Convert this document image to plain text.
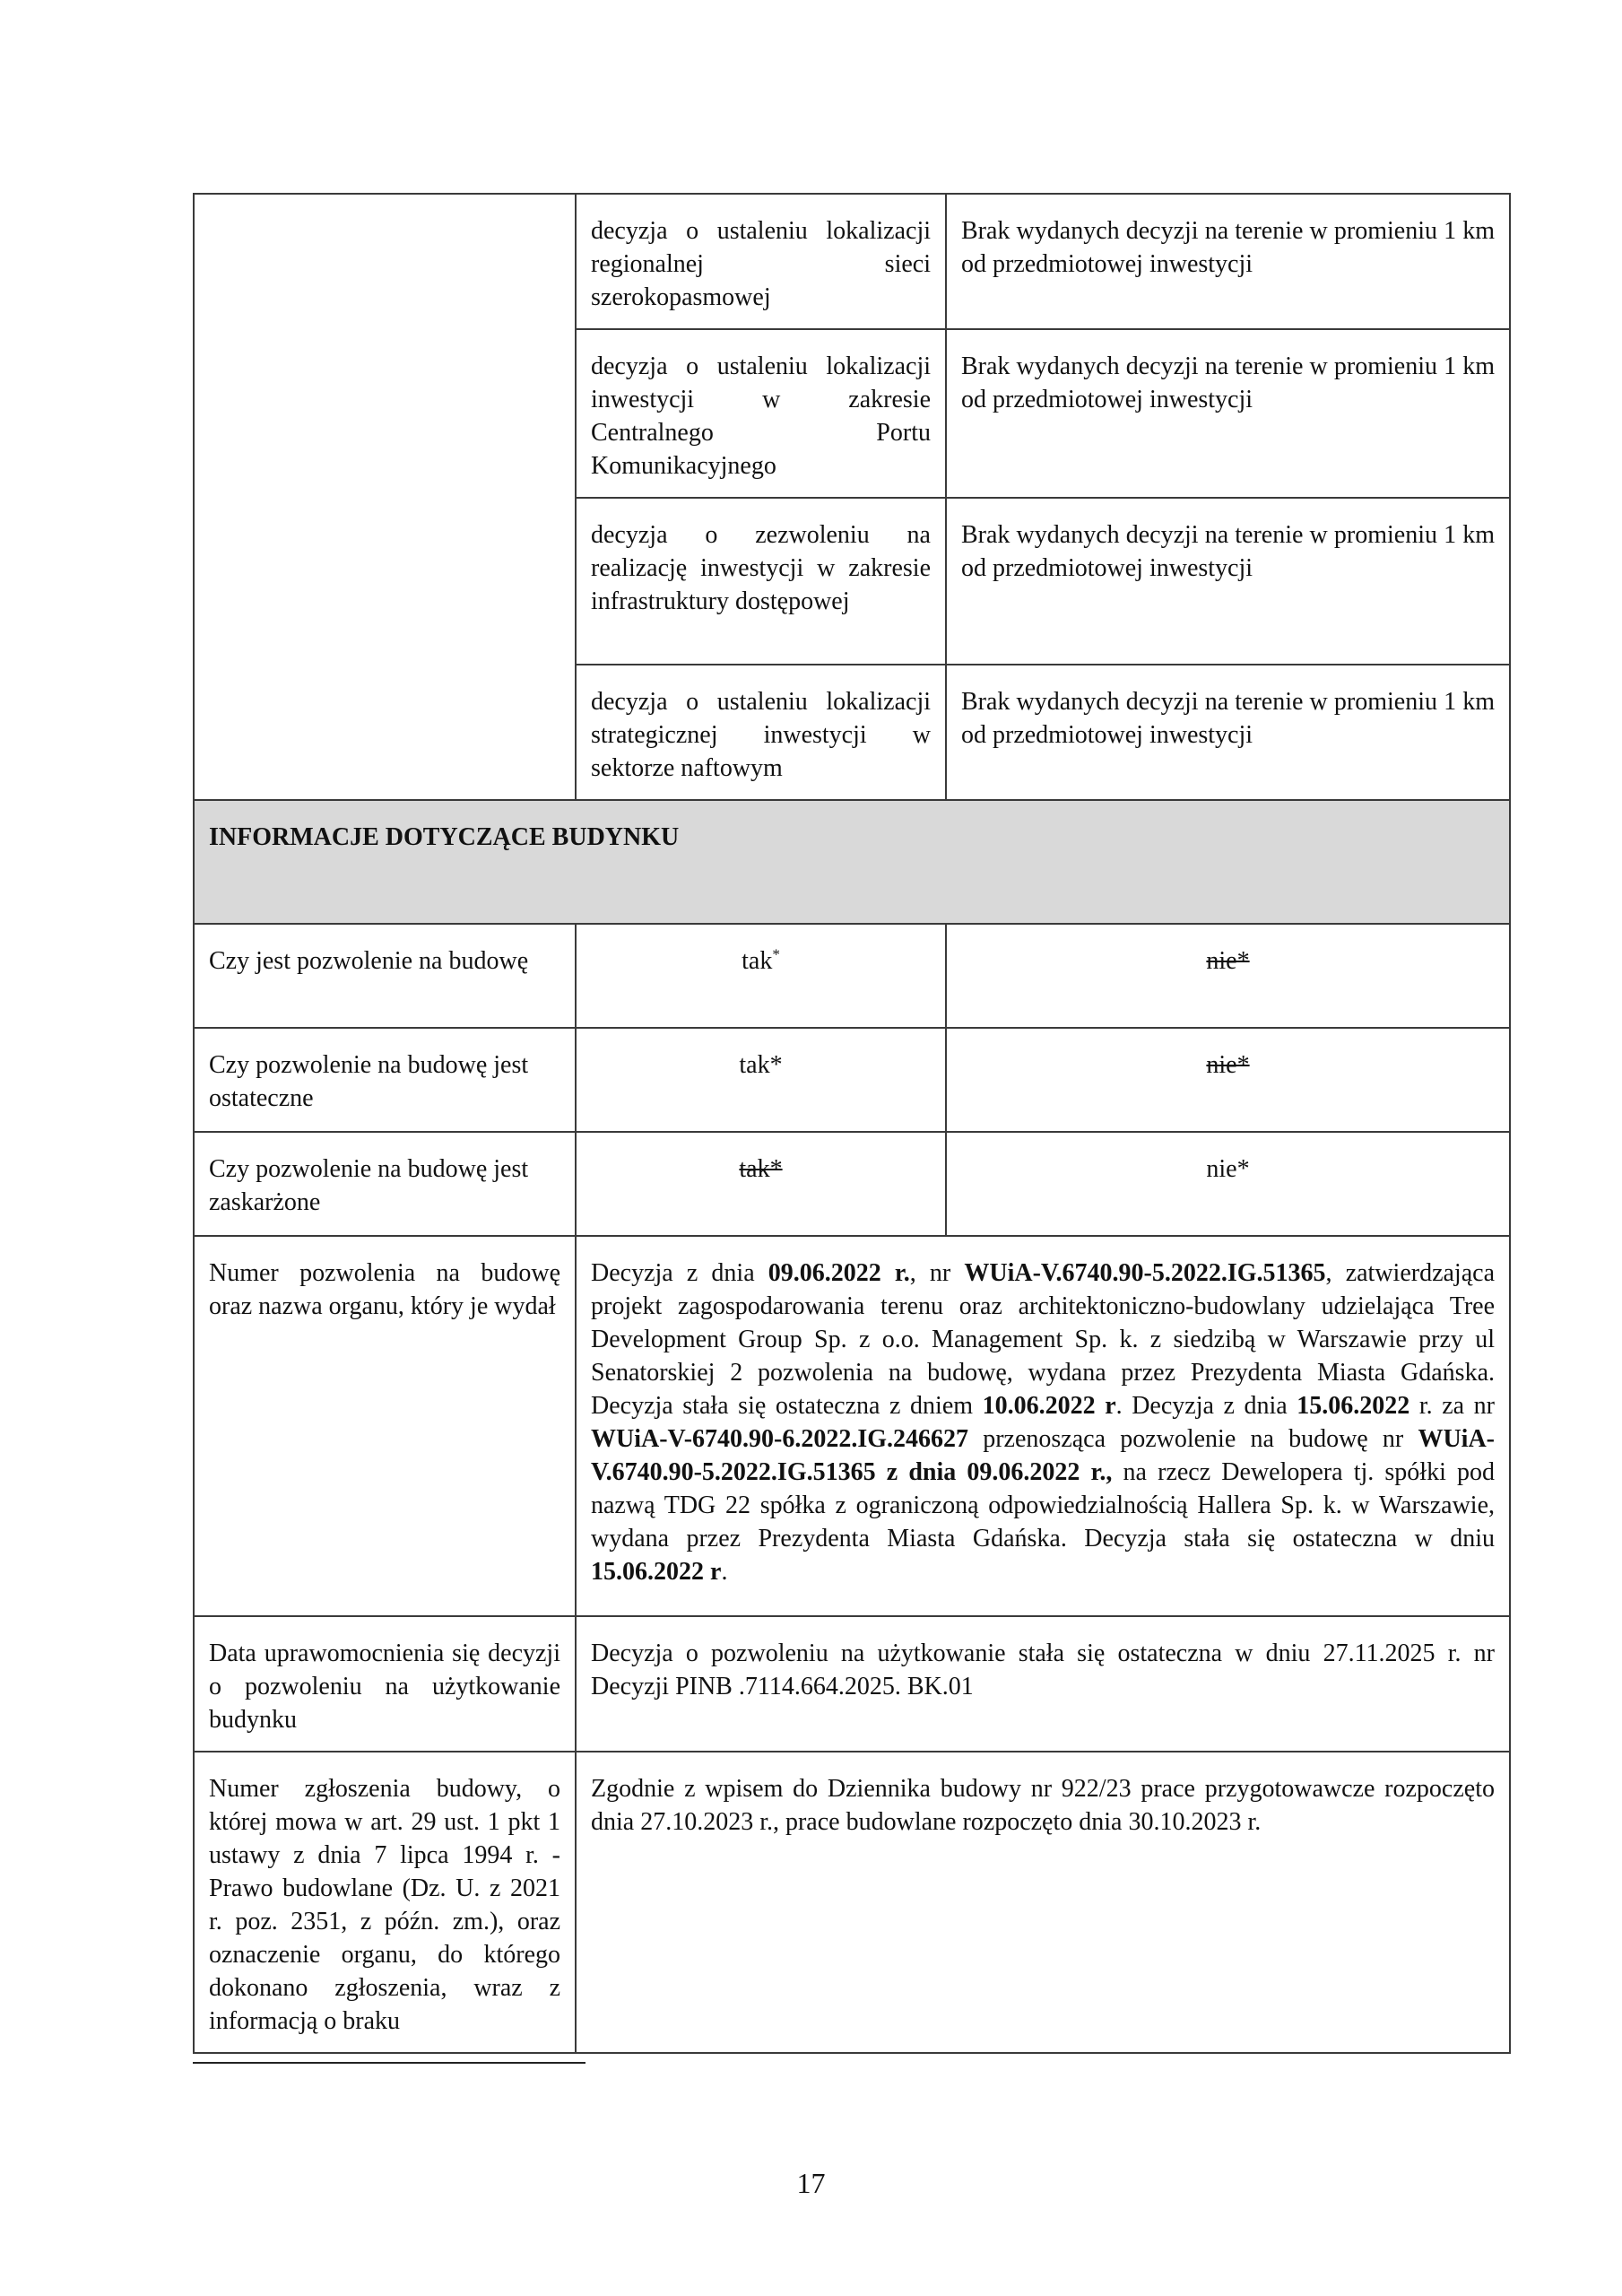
	decyzja o ustaleniu lokalizacji regionalnej sieci szerokopasmowej	Brak wydanych decyzji na terenie w promieniu 1 km od przedmiotowej inwestycji
	decyzja o ustaleniu lokalizacji inwestycji w zakresie Centralnego Portu Komunikacyjnego	Brak wydanych decyzji na terenie w promieniu 1 km od przedmiotowej inwestycji
	decyzja o zezwoleniu na realizację inwestycji w zakresie infrastruktury dostępowej	Brak wydanych decyzji na terenie w promieniu 1 km od przedmiotowej inwestycji
	decyzja o ustaleniu lokalizacji strategicznej inwestycji w sektorze naftowym	Brak wydanych decyzji na terenie w promieniu 1 km od przedmiotowej inwestycji
INFORMACJE DOTYCZĄCE BUDYNKU		
Czy jest pozwolenie na budowę	tak*	nie*
Czy pozwolenie na budowę jest ostateczne	tak*	nie*
Czy pozwolenie na budowę jest zaskarżone	tak*	nie*
Numer pozwolenia na budowę oraz nazwa organu, który je wydał	Decyzja z dnia 09.06.2022 r., nr WUiA-V.6740.90-5.2022.IG.51365, zatwierdzająca projekt zagospodarowania terenu oraz architektoniczno-budowlany udzielająca Tree Development Group Sp. z o.o. Management Sp. k. z siedzibą w Warszawie przy ul Senatorskiej 2 pozwolenia na budowę, wydana przez Prezydenta Miasta Gdańska. Decyzja stała się ostateczna z dniem 10.06.2022 r. Decyzja z dnia 15.06.2022 r. za nr WUiA-V-6740.90-6.2022.IG.246627 przenosząca pozwolenie na budowę nr WUiA-V.6740.90-5.2022.IG.51365 z dnia 09.06.2022 r., na rzecz Dewelopera tj. spółki pod nazwą TDG 22 spółka z ograniczoną odpowiedzialnością Hallera Sp. k. w Warszawie, wydana przez Prezydenta Miasta Gdańska. Decyzja stała się ostateczna w dniu 15.06.2022 r.	
Data uprawomocnienia się decyzji o pozwoleniu na użytkowanie budynku	Decyzja o pozwoleniu na użytkowanie stała się ostateczna w dniu 27.11.2025 r. nr Decyzji PINB .7114.664.2025. BK.01	
Numer zgłoszenia budowy, o której mowa w art. 29 ust. 1 pkt 1 ustawy z dnia 7 lipca 1994 r. - Prawo budowlane (Dz. U. z 2021 r. poz. 2351, z późn. zm.), oraz oznaczenie organu, do którego dokonano zgłoszenia, wraz z informacją o braku	Zgodnie z wpisem do Dziennika budowy nr 922/23 prace przygotowawcze rozpoczęto dnia 27.10.2023 r., prace budowlane rozpoczęto dnia 30.10.2023 r.	
17
